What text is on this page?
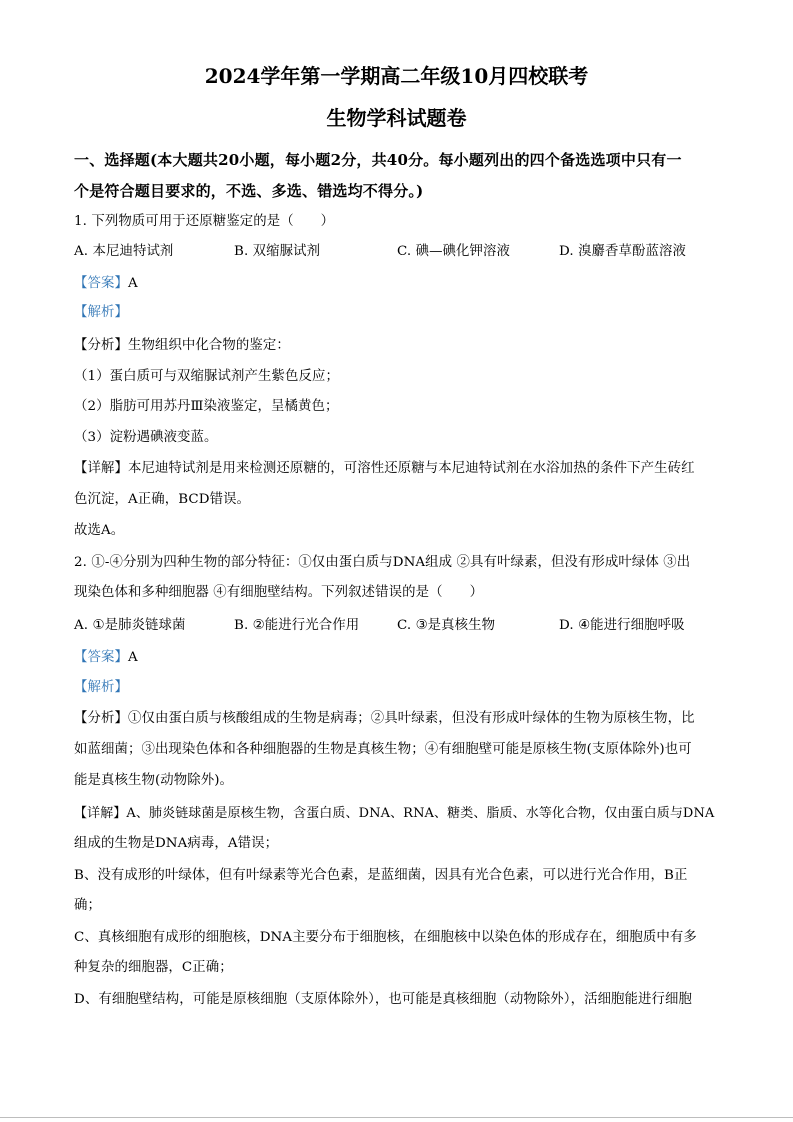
2024学年第一学期高二年级10月四校联考
生物学科试题卷
一、选择题(本大题共20小题，每小题2分，共40分。每小题列出的四个备选选项中只有一
个是符合题目要求的，不选、多选、错选均不得分。)
1. 下列物质可用于还原糖鉴定的是（　　）
A. 本尼迪特试剂	B. 双缩脲试剂	C. 碘—碘化钾溶液	D. 溴麝香草酚蓝溶液
【答案】A
【解析】
【分析】生物组织中化合物的鉴定：
（1）蛋白质可与双缩脲试剂产生紫色反应；
（2）脂肪可用苏丹Ⅲ染液鉴定，呈橘黄色；
（3）淀粉遇碘液变蓝。
【详解】本尼迪特试剂是用来检测还原糖的，可溶性还原糖与本尼迪特试剂在水浴加热的条件下产生砖红
色沉淀，A正确，BCD错误。
故选A。
2. ①-④分别为四种生物的部分特征：①仅由蛋白质与DNA组成 ②具有叶绿素，但没有形成叶绿体 ③出
现染色体和多种细胞器 ④有细胞壁结构。下列叙述错误的是（　　）
A. ①是肺炎链球菌	B. ②能进行光合作用	C. ③是真核生物	D. ④能进行细胞呼吸
【答案】A
【解析】
【分析】①仅由蛋白质与核酸组成的生物是病毒；②具叶绿素，但没有形成叶绿体的生物为原核生物，比
如蓝细菌；③出现染色体和各种细胞器的生物是真核生物；④有细胞壁可能是原核生物(支原体除外)也可
能是真核生物(动物除外)。
【详解】A、肺炎链球菌是原核生物，含蛋白质、DNA、RNA、糖类、脂质、水等化合物，仅由蛋白质与DNA
组成的生物是DNA病毒，A错误；
B、没有成形的叶绿体，但有叶绿素等光合色素，是蓝细菌，因具有光合色素，可以进行光合作用，B正
确；
C、真核细胞有成形的细胞核，DNA主要分布于细胞核，在细胞核中以染色体的形成存在，细胞质中有多
种复杂的细胞器，C正确；
D、有细胞壁结构，可能是原核细胞（支原体除外），也可能是真核细胞（动物除外），活细胞能进行细胞
